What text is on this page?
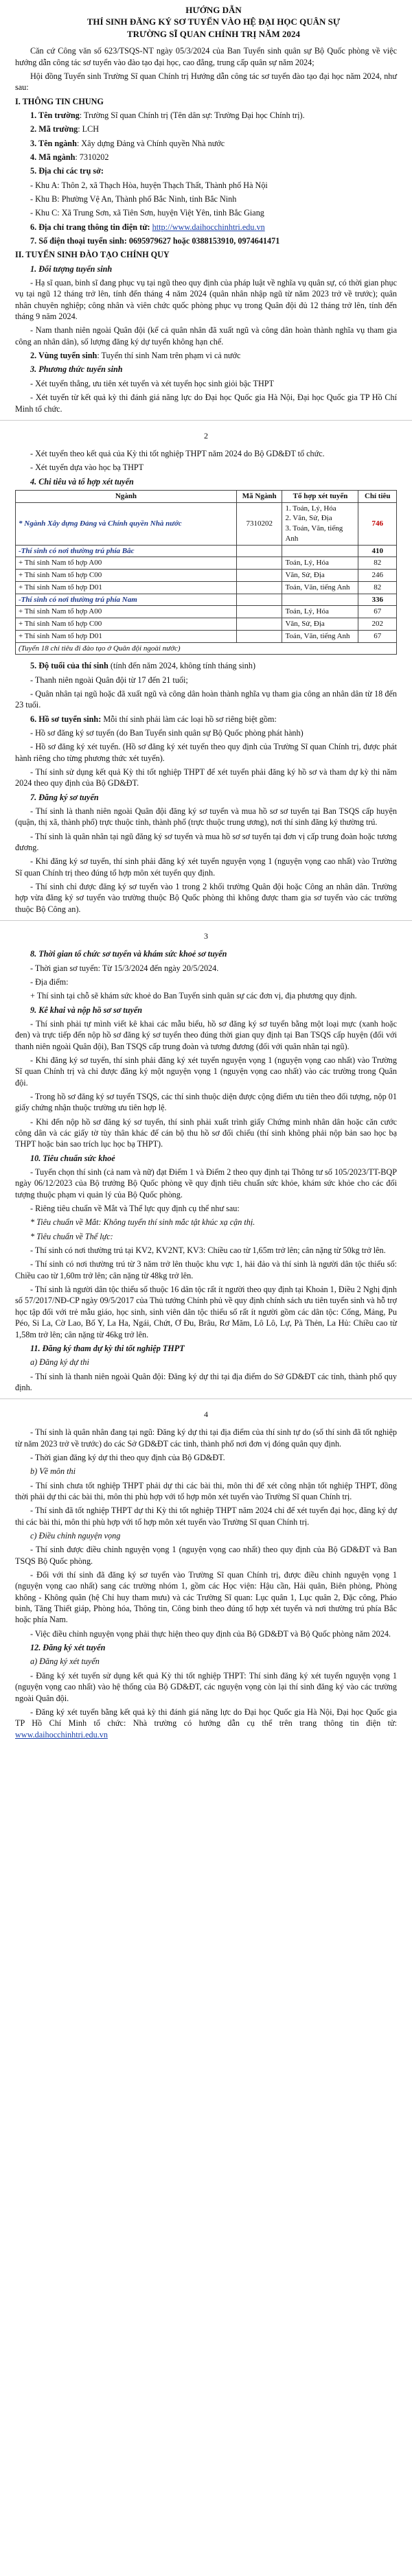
HƯỚNG DẪN

THÍ SINH ĐĂNG KÝ SƠ TUYỂN VÀO HỆ ĐẠI HỌC QUÂN SỰ

TRƯỜNG SĨ QUAN CHÍNH TRỊ NĂM 2024

Căn cứ Công văn số 623/TSQS-NT ngày 05/3/2024 của Ban Tuyển sinh quân sự Bộ Quốc phòng về việc hướng dẫn công tác sơ tuyển vào đào tạo đại học, cao đẳng, trung cấp quân sự năm 2024;

Hội đồng Tuyển sinh Trường Sĩ quan Chính trị Hướng dẫn công tác sơ tuyển đào tạo đại học năm 2024, như sau:

I. THÔNG TIN CHUNG

1. Tên trường: Trường Sĩ quan Chính trị (Tên dân sự: Trường Đại học Chính trị).

2. Mã trường: LCH

3. Tên ngành: Xây dựng Đảng và Chính quyền Nhà nước

4. Mã ngành: 7310202

5. Địa chỉ các trụ sở:

- Khu A: Thôn 2, xã Thạch Hòa, huyện Thạch Thất, Thành phố Hà Nội

- Khu B: Phường Vệ An, Thành phố Bắc Ninh, tỉnh Bắc Ninh

- Khu C: Xã Trung Sơn, xã Tiên Sơn, huyện Việt Yên, tỉnh Bắc Giang

6. Địa chỉ trang thông tin điện tử: http://www.daihocchinhtri.edu.vn

7. Số điện thoại tuyển sinh: 0695979627 hoặc 0388153910, 0974641471

II. TUYỂN SINH ĐÀO TẠO CHÍNH QUY

1. Đối tượng tuyển sinh

- Hạ sĩ quan, binh sĩ đang phục vụ tại ngũ theo quy định của pháp luật về nghĩa vụ quân sự, có thời gian phục vụ tại ngũ 12 tháng trở lên, tính đến tháng 4 năm 2024 (quân nhân nhập ngũ từ năm 2023 trở về trước); quân nhân chuyên nghiệp; công nhân và viên chức quốc phòng phục vụ trong Quân đội đủ 12 tháng trở lên, tính đến tháng 9 năm 2024.

- Nam thanh niên ngoài Quân đội (kể cả quân nhân đã xuất ngũ và công dân hoàn thành nghĩa vụ tham gia công an nhân dân), số lượng đăng ký dự tuyển không hạn chế.

2. Vùng tuyển sinh: Tuyển thí sinh Nam trên phạm vi cả nước

3. Phương thức tuyển sinh

- Xét tuyển thẳng, ưu tiên xét tuyển và xét tuyển học sinh giỏi bậc THPT

- Xét tuyển từ kết quả kỳ thi đánh giá năng lực do Đại học Quốc gia Hà Nội, Đại học Quốc gia TP Hồ Chí Minh tổ chức.

2

- Xét tuyển theo kết quả của Kỳ thi tốt nghiệp THPT năm 2024 do Bộ GD&ĐT tổ chức.

- Xét tuyển dựa vào học bạ THPT

4. Chi tiêu và tổ hợp xét tuyển

Ngành	Mã Ngành	Tổ hợp xét tuyển	Chỉ tiêu
* Ngành Xây dựng Đảng và Chính quyền Nhà nước	7310202	1. Toán, Lý, Hóa
2. Văn, Sử, Địa
3. Toán, Văn, tiếng Anh	746
-Thí sinh có nơi thường trú phía Bắc			410
+ Thí sinh Nam tổ hợp A00		Toán, Lý, Hóa	82
+ Thí sinh Nam tổ hợp C00		Văn, Sử, Địa	246
+ Thí sinh Nam tổ hợp D01		Toán, Văn, tiếng Anh	82
-Thí sinh có nơi thường trú phía Nam			336
+ Thí sinh Nam tổ hợp A00		Toán, Lý, Hóa	67
+ Thí sinh Nam tổ hợp C00		Văn, Sử, Địa	202
+ Thí sinh Nam tổ hợp D01		Toán, Văn, tiếng Anh	67
(Tuyển 18 chỉ tiêu đi đào tạo ở Quân đội ngoài nước)			

5. Độ tuổi của thí sinh (tính đến năm 2024, không tính tháng sinh)

- Thanh niên ngoài Quân đội từ 17 đến 21 tuổi;

- Quân nhân tại ngũ hoặc đã xuất ngũ và công dân hoàn thành nghĩa vụ tham gia công an nhân dân từ 18 đến 23 tuổi.

6. Hồ sơ tuyển sinh: Mỗi thí sinh phải làm các loại hồ sơ riêng biệt gồm:

- Hồ sơ đăng ký sơ tuyển (do Ban Tuyển sinh quân sự Bộ Quốc phòng phát hành)

- Hồ sơ đăng ký xét tuyển. (Hồ sơ đăng ký xét tuyển theo quy định của Trường Sĩ quan Chính trị, được phát hành riêng cho từng phương thức xét tuyển).

- Thí sinh sử dụng kết quả Kỳ thi tốt nghiệp THPT để xét tuyển phải đăng ký hồ sơ và tham dự kỳ thi năm 2024 theo quy định của Bộ GD&ĐT.

7. Đăng ký sơ tuyển

- Thí sinh là thanh niên ngoài Quân đội đăng ký sơ tuyển và mua hồ sơ sơ tuyển tại Ban TSQS cấp huyện (quận, thị xã, thành phố) trực thuộc tỉnh, thành phố (trực thuộc trung ương), nơi thí sinh đăng ký thường trú.

- Thí sinh là quân nhân tại ngũ đăng ký sơ tuyển và mua hồ sơ sơ tuyển tại đơn vị cấp trung đoàn hoặc tương đương.

- Khi đăng ký sơ tuyển, thí sinh phải đăng ký xét tuyển nguyện vọng 1 (nguyện vọng cao nhất) vào Trường Sĩ quan Chính trị theo đúng tổ hợp môn xét tuyển quy định.

- Thí sinh chỉ được đăng ký sơ tuyển vào 1 trong 2 khối trường Quân đội hoặc Công an nhân dân. Trường hợp vừa đăng ký sơ tuyển vào trường thuộc Bộ Quốc phòng thì không được tham gia sơ tuyển vào các trường thuộc Bộ Công an).

3

8. Thời gian tổ chức sơ tuyển và khám sức khoẻ sơ tuyển

- Thời gian sơ tuyển: Từ 15/3/2024 đến ngày 20/5/2024.

- Địa điểm:

+ Thí sinh tại chỗ sẽ khám sức khoẻ do Ban Tuyển sinh quân sự các đơn vị, địa phương quy định.

9. Kê khai và nộp hồ sơ sơ tuyển

- Thí sinh phải tự mình viết kê khai các mẫu biểu, hồ sơ đăng ký sơ tuyển bằng một loại mực (xanh hoặc đen) và trực tiếp đến nộp hồ sơ đăng ký sơ tuyển theo đúng thời gian quy định tại Ban TSQS cấp huyện (đối với thanh niên ngoài Quân đội), Ban TSQS cấp trung đoàn và tương đương (đối với quân nhân tại ngũ).

- Khi đăng ký sơ tuyển, thí sinh phải đăng ký xét tuyển nguyện vọng 1 (nguyện vọng cao nhất) vào Trường Sĩ quan Chính trị và chỉ được đăng ký một nguyện vọng 1 (nguyện vọng cao nhất) vào các trường trong Quân đội.

- Trong hồ sơ đăng ký sơ tuyển TSQS, các thí sinh thuộc diện được cộng điểm ưu tiên theo đối tượng, nộp 01 giấy chứng nhận thuộc trường ưu tiên hợp lệ.

- Khi đến nộp hồ sơ đăng ký sơ tuyển, thí sinh phải xuất trình giấy Chứng minh nhân dân hoặc căn cước công dân và các giấy tờ tùy thân khác để cán bộ thu hồ sơ đối chiếu (thí sinh không phải nộp bản sao học bạ THPT hoặc bản sao trích lục học bạ THPT).

10. Tiêu chuẩn sức khoẻ

- Tuyển chọn thí sinh (cả nam và nữ) đạt Điểm 1 và Điểm 2 theo quy định tại Thông tư số 105/2023/TT-BQP ngày 06/12/2023 của Bộ trưởng Bộ Quốc phòng về quy định tiêu chuẩn sức khỏe, khám sức khỏe cho các đối tượng thuộc phạm vi quản lý của Bộ Quốc phòng.

- Riêng tiêu chuẩn về Mắt và Thể lực quy định cụ thể như sau:

* Tiêu chuẩn về Mắt: Không tuyển thí sinh mắc tật khúc xạ cận thị.

* Tiêu chuẩn về Thể lực:

- Thí sinh có nơi thường trú tại KV2, KV2NT, KV3: Chiều cao từ 1,65m trở lên; cân nặng từ 50kg trở lên.

- Thí sinh có nơi thường trú từ 3 năm trở lên thuộc khu vực 1, hải đảo và thí sinh là người dân tộc thiểu số: Chiều cao từ 1,60m trở lên; cân nặng từ 48kg trở lên.

- Thí sinh là người dân tộc thiểu số thuộc 16 dân tộc rất ít người theo quy định tại Khoản 1, Điều 2 Nghị định số 57/2017/NĐ-CP ngày 09/5/2017 của Thủ tướng Chính phủ về quy định chính sách ưu tiên tuyển sinh và hỗ trợ học tập đối với trẻ mẫu giáo, học sinh, sinh viên dân tộc thiểu số rất ít người gồm các dân tộc: Cống, Mảng, Pu Péo, Si La, Cờ Lao, Bố Y, La Ha, Ngái, Chứt, Ơ Đu, Brâu, Rơ Măm, Lô Lô, Lự, Pà Thẻn, La Hủ: Chiều cao từ 1,58m trở lên; cân nặng từ 46kg trở lên.

11. Đăng ký tham dự kỳ thi tốt nghiệp THPT

a) Đăng ký dự thi

- Thí sinh là thanh niên ngoài Quân đội: Đăng ký dự thi tại địa điểm do Sở GD&ĐT các tỉnh, thành phố quy định.

4

- Thí sinh là quân nhân đang tại ngũ: Đăng ký dự thi tại địa điểm của thí sinh tự do (số thí sinh đã tốt nghiệp từ năm 2023 trở về trước) do các Sở GD&ĐT các tỉnh, thành phố nơi đơn vị đóng quân quy định.

- Thời gian đăng ký dự thi theo quy định của Bộ GD&ĐT.

b) Về môn thi

- Thí sinh chưa tốt nghiệp THPT phải dự thi các bài thi, môn thi để xét công nhận tốt nghiệp THPT, đồng thời phải dự thi các bài thi, môn thi phù hợp với tổ hợp môn xét tuyển vào Trường Sĩ quan Chính trị.

- Thí sinh đã tốt nghiệp THPT dự thi Kỳ thi tốt nghiệp THPT năm 2024 chỉ để xét tuyển đại học, đăng ký dự thi các bài thi, môn thi phù hợp với tổ hợp môn xét tuyển vào Trường Sĩ quan Chính trị.

c) Điều chỉnh nguyện vọng

- Thí sinh được điều chỉnh nguyện vọng 1 (nguyện vọng cao nhất) theo quy định của Bộ GD&ĐT và Ban TSQS Bộ Quốc phòng.

- Đối với thí sinh đã đăng ký sơ tuyển vào Trường Sĩ quan Chính trị, được điều chỉnh nguyện vọng 1 (nguyện vọng cao nhất) sang các trường nhóm 1, gồm các Học viện: Hậu cần, Hải quân, Biên phòng, Phòng không - Không quân (hệ Chỉ huy tham mưu) và các Trường Sĩ quan: Lục quân 1, Lục quân 2, Đặc công, Pháo binh, Tăng Thiết giáp, Phòng hóa, Thông tin, Công binh theo đúng tổ hợp xét tuyển và nơi thường trú phía Bắc hoặc phía Nam.

- Việc điều chỉnh nguyện vọng phải thực hiện theo quy định của Bộ GD&ĐT và Bộ Quốc phòng năm 2024.

12. Đăng ký xét tuyển

a) Đăng ký xét tuyển

- Đăng ký xét tuyển sử dụng kết quả Kỳ thi tốt nghiệp THPT: Thí sinh đăng ký xét tuyển nguyện vọng 1 (nguyện vọng cao nhất) vào hệ thống của Bộ GD&ĐT, các nguyện vọng còn lại thí sinh đăng ký vào các trường ngoài Quân đội.

- Đăng ký xét tuyển bằng kết quả kỳ thi đánh giá năng lực do Đại học Quốc gia Hà Nội, Đại học Quốc gia TP Hồ Chí Minh tổ chức: Nhà trường có hướng dẫn cụ thể trên trang thông tin điện tử: www.daihocchinhtri.edu.vn
